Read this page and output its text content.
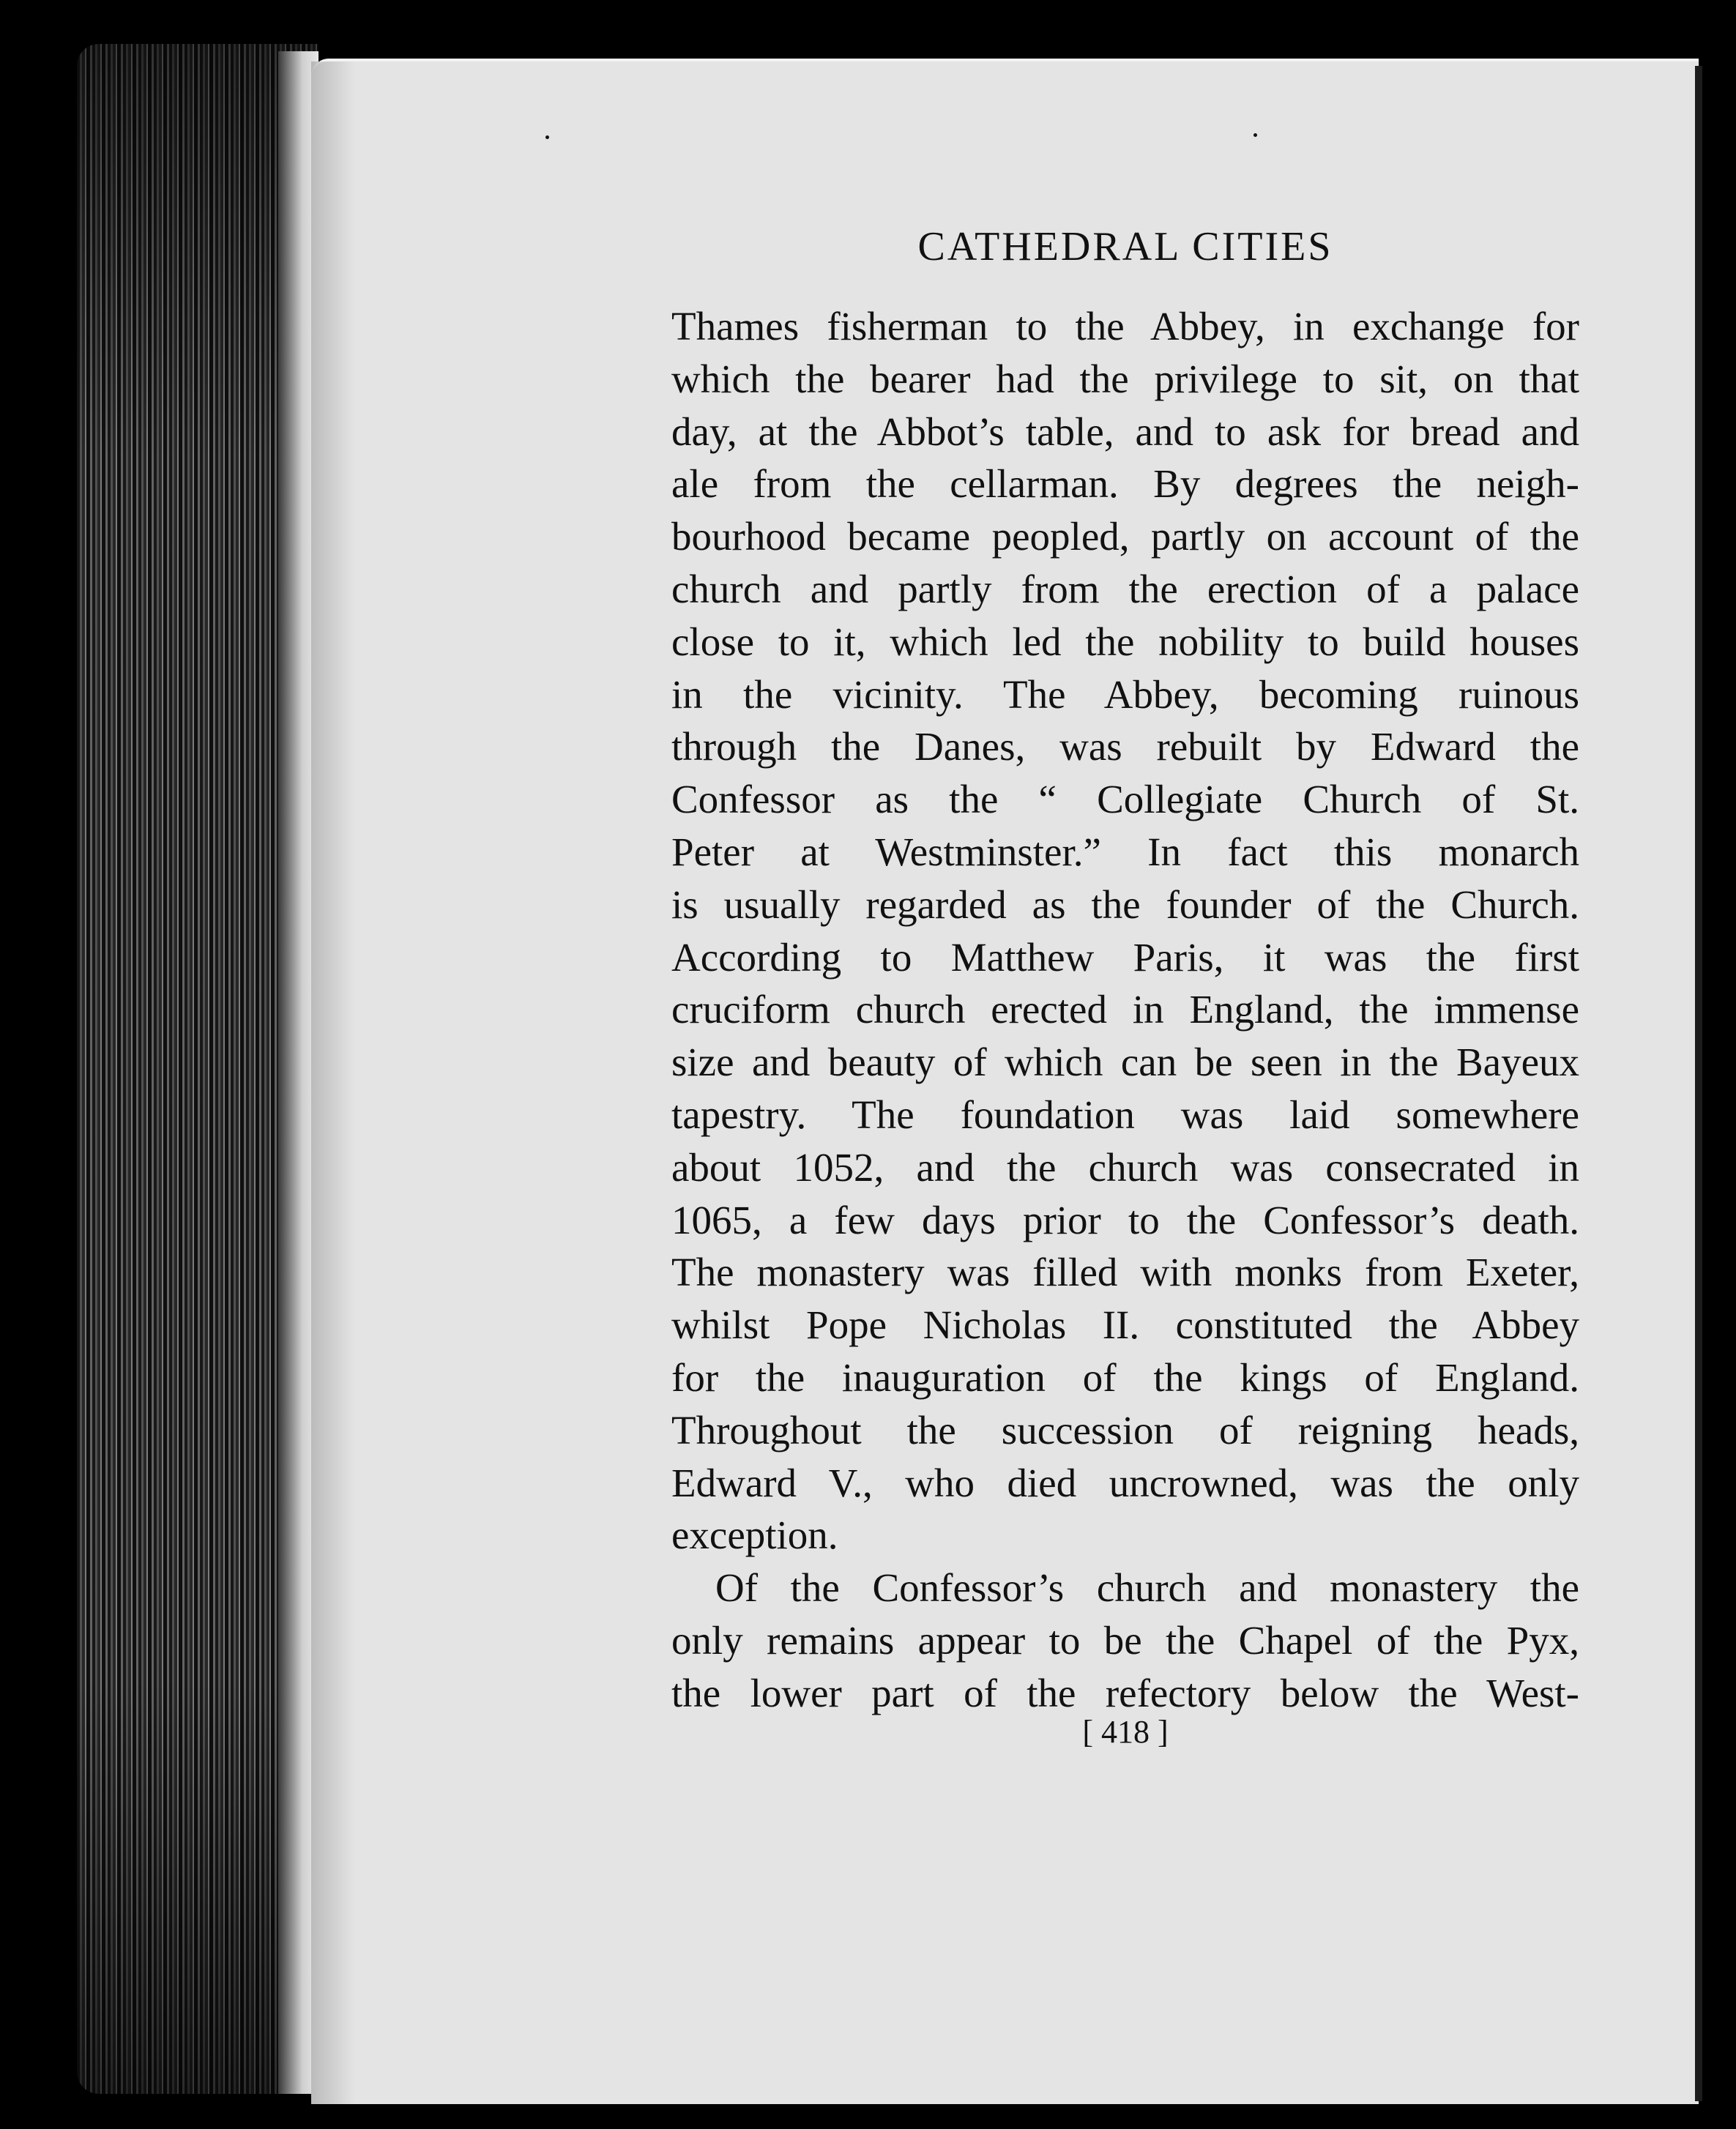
CATHEDRAL CITIES
Thames fisherman to the Abbey, in exchange for
which the bearer had the privilege to sit, on that
day, at the Abbot’s table, and to ask for bread and
ale from the cellarman. By degrees the neigh-
bourhood became peopled, partly on account of the
church and partly from the erection of a palace
close to it, which led the nobility to build houses
in the vicinity. The Abbey, becoming ruinous
through the Danes, was rebuilt by Edward the
Confessor as the “ Collegiate Church of St.
Peter at Westminster.” In fact this monarch
is usually regarded as the founder of the Church.
According to Matthew Paris, it was the first
cruciform church erected in England, the immense
size and beauty of which can be seen in the Bayeux
tapestry. The foundation was laid somewhere
about 1052, and the church was consecrated in
1065, a few days prior to the Confessor’s death.
The monastery was filled with monks from Exeter,
whilst Pope Nicholas II. constituted the Abbey
for the inauguration of the kings of England.
Throughout the succession of reigning heads,
Edward V., who died uncrowned, was the only
exception.
Of the Confessor’s church and monastery the
only remains appear to be the Chapel of the Pyx,
the lower part of the refectory below the West-
[ 418 ]
